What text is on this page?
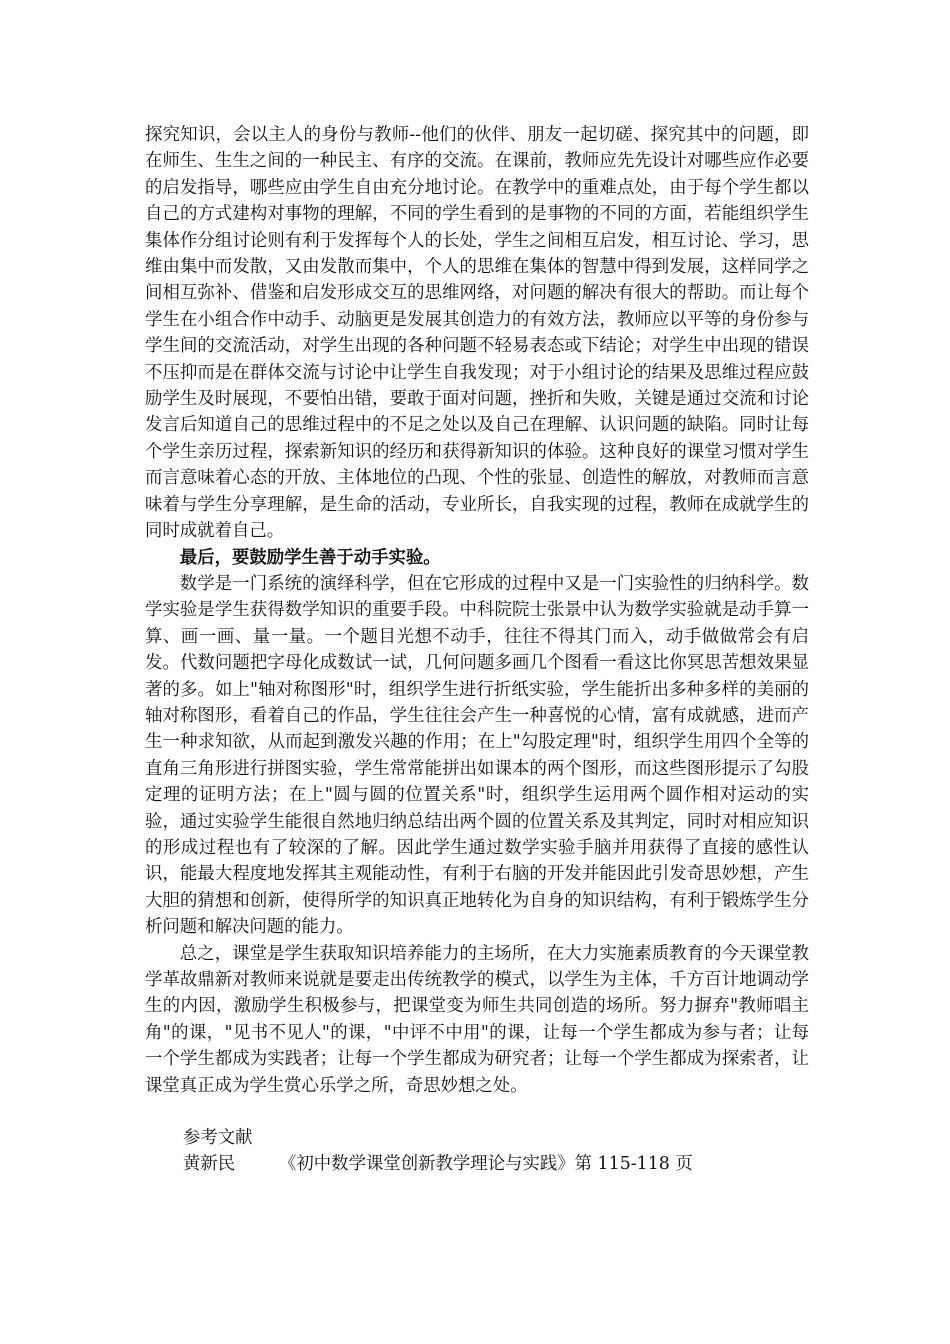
探究知识，会以主人的身份与教师--他们的伙伴、朋友一起切磋、探究其中的问题，即在师生、生生之间的一种民主、有序的交流。在课前，教师应先先设计对哪些应作必要的启发指导，哪些应由学生自由充分地讨论。在教学中的重难点处，由于每个学生都以自己的方式建构对事物的理解，不同的学生看到的是事物的不同的方面，若能组织学生集体作分组讨论则有利于发挥每个人的长处，学生之间相互启发，相互讨论、学习，思维由集中而发散，又由发散而集中，个人的思维在集体的智慧中得到发展，这样同学之间相互弥补、借鉴和启发形成交互的思维网络，对问题的解决有很大的帮助。而让每个学生在小组合作中动手、动脑更是发展其创造力的有效方法，教师应以平等的身份参与学生间的交流活动，对学生出现的各种问题不轻易表态或下结论；对学生中出现的错误不压抑而是在群体交流与讨论中让学生自我发现；对于小组讨论的结果及思维过程应鼓励学生及时展现，不要怕出错，要敢于面对问题，挫折和失败，关键是通过交流和讨论发言后知道自己的思维过程中的不足之处以及自己在理解、认识问题的缺陷。同时让每个学生亲历过程，探索新知识的经历和获得新知识的体验。这种良好的课堂习惯对学生而言意味着心态的开放、主体地位的凸现、个性的张显、创造性的解放，对教师而言意味着与学生分享理解，是生命的活动，专业所长，自我实现的过程，教师在成就学生的同时成就着自己。

最后，要鼓励学生善于动手实验。

数学是一门系统的演绎科学，但在它形成的过程中又是一门实验性的归纳科学。数学实验是学生获得数学知识的重要手段。中科院院士张景中认为数学实验就是动手算一算、画一画、量一量。一个题目光想不动手，往往不得其门而入，动手做做常会有启发。代数问题把字母化成数试一试，几何问题多画几个图看一看这比你冥思苦想效果显著的多。如上"轴对称图形"时，组织学生进行折纸实验，学生能折出多种多样的美丽的轴对称图形，看着自己的作品，学生往往会产生一种喜悦的心情，富有成就感，进而产生一种求知欲，从而起到激发兴趣的作用；在上"勾股定理"时，组织学生用四个全等的直角三角形进行拼图实验，学生常常能拼出如课本的两个图形，而这些图形提示了勾股定理的证明方法；在上"圆与圆的位置关系"时，组织学生运用两个圆作相对运动的实验，通过实验学生能很自然地归纳总结出两个圆的位置关系及其判定，同时对相应知识的形成过程也有了较深的了解。因此学生通过数学实验手脑并用获得了直接的感性认识，能最大程度地发挥其主观能动性，有利于右脑的开发并能因此引发奇思妙想，产生大胆的猜想和创新，使得所学的知识真正地转化为自身的知识结构，有利于锻炼学生分析问题和解决问题的能力。

总之，课堂是学生获取知识培养能力的主场所，在大力实施素质教育的今天课堂教学革故鼎新对教师来说就是要走出传统教学的模式，以学生为主体，千方百计地调动学生的内因，激励学生积极参与，把课堂变为师生共同创造的场所。努力摒弃"教师唱主角"的课，"见书不见人"的课，"中评不中用"的课，让每一个学生都成为参与者；让每一个学生都成为实践者；让每一个学生都成为研究者；让每一个学生都成为探索者，让课堂真正成为学生赏心乐学之所，奇思妙想之处。

参考文献

黄新民	《初中数学课堂创新教学理论与实践》第 115-118 页
